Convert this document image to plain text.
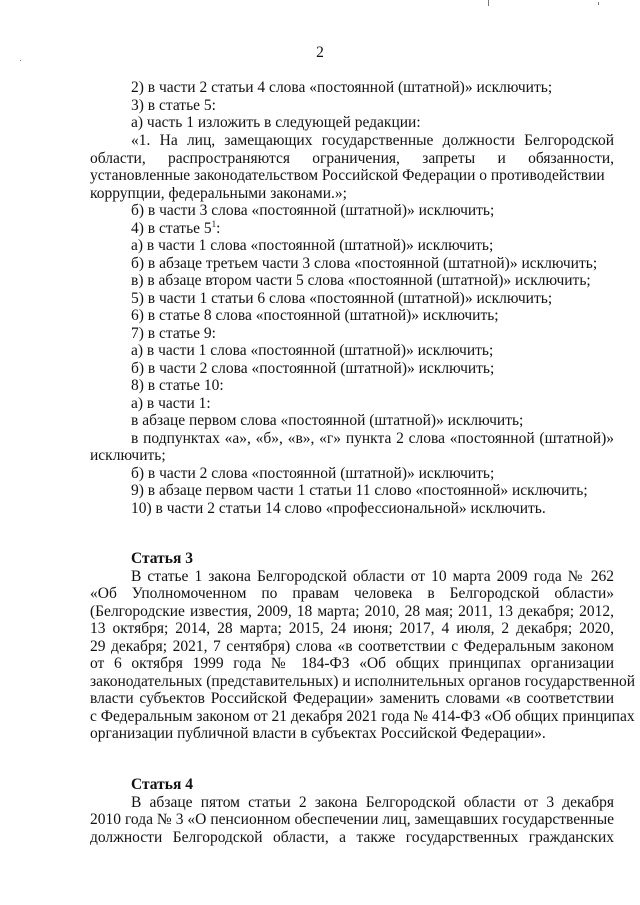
2
2) в части 2 статьи 4 слова «постоянной (штатной)» исключить;
3) в статье 5:
а) часть 1 изложить в следующей редакции:
«1. На лиц, замещающих государственные должности Белгородской
области, распространяются ограничения, запреты и обязанности,
установленные законодательством Российской Федерации о противодействии
коррупции, федеральными законами.»;
б) в части 3 слова «постоянной (штатной)» исключить;
4) в статье $5^1$:
а) в части 1 слова «постоянной (штатной)» исключить;
б) в абзаце третьем части 3 слова «постоянной (штатной)» исключить;
в) в абзаце втором части 5 слова «постоянной (штатной)» исключить;
5) в части 1 статьи 6 слова «постоянной (штатной)» исключить;
6) в статье 8 слова «постоянной (штатной)» исключить;
7) в статье 9:
а) в части 1 слова «постоянной (штатной)» исключить;
б) в части 2 слова «постоянной (штатной)» исключить;
8) в статье 10:
а) в части 1:
в абзаце первом слова «постоянной (штатной)» исключить;
в подпунктах «а», «б», «в», «г» пункта 2 слова «постоянной (штатной)»
исключить;
б) в части 2 слова «постоянной (штатной)» исключить;
9) в абзаце первом части 1 статьи 11 слово «постоянной» исключить;
10) в части 2 статьи 14 слово «профессиональной» исключить.
Статья 3
В статье 1 закона Белгородской области от 10 марта 2009 года № 262
«Об Уполномоченном по правам человека в Белгородской области»
(Белгородские известия, 2009, 18 марта; 2010, 28 мая; 2011, 13 декабря; 2012,
13 октября; 2014, 28 марта; 2015, 24 июня; 2017, 4 июля, 2 декабря; 2020,
29 декабря; 2021, 7 сентября) слова «в соответствии с Федеральным законом
от 6 октября 1999 года № 184-ФЗ «Об общих принципах организации
законодательных (представительных) и исполнительных органов государственной
власти субъектов Российской Федерации» заменить словами «в соответствии
с Федеральным законом от 21 декабря 2021 года № 414-ФЗ «Об общих принципах
организации публичной власти в субъектах Российской Федерации».
Статья 4
В абзаце пятом статьи 2 закона Белгородской области от 3 декабря
2010 года № 3 «О пенсионном обеспечении лиц, замещавших государственные
должности Белгородской области, а также государственных гражданских
